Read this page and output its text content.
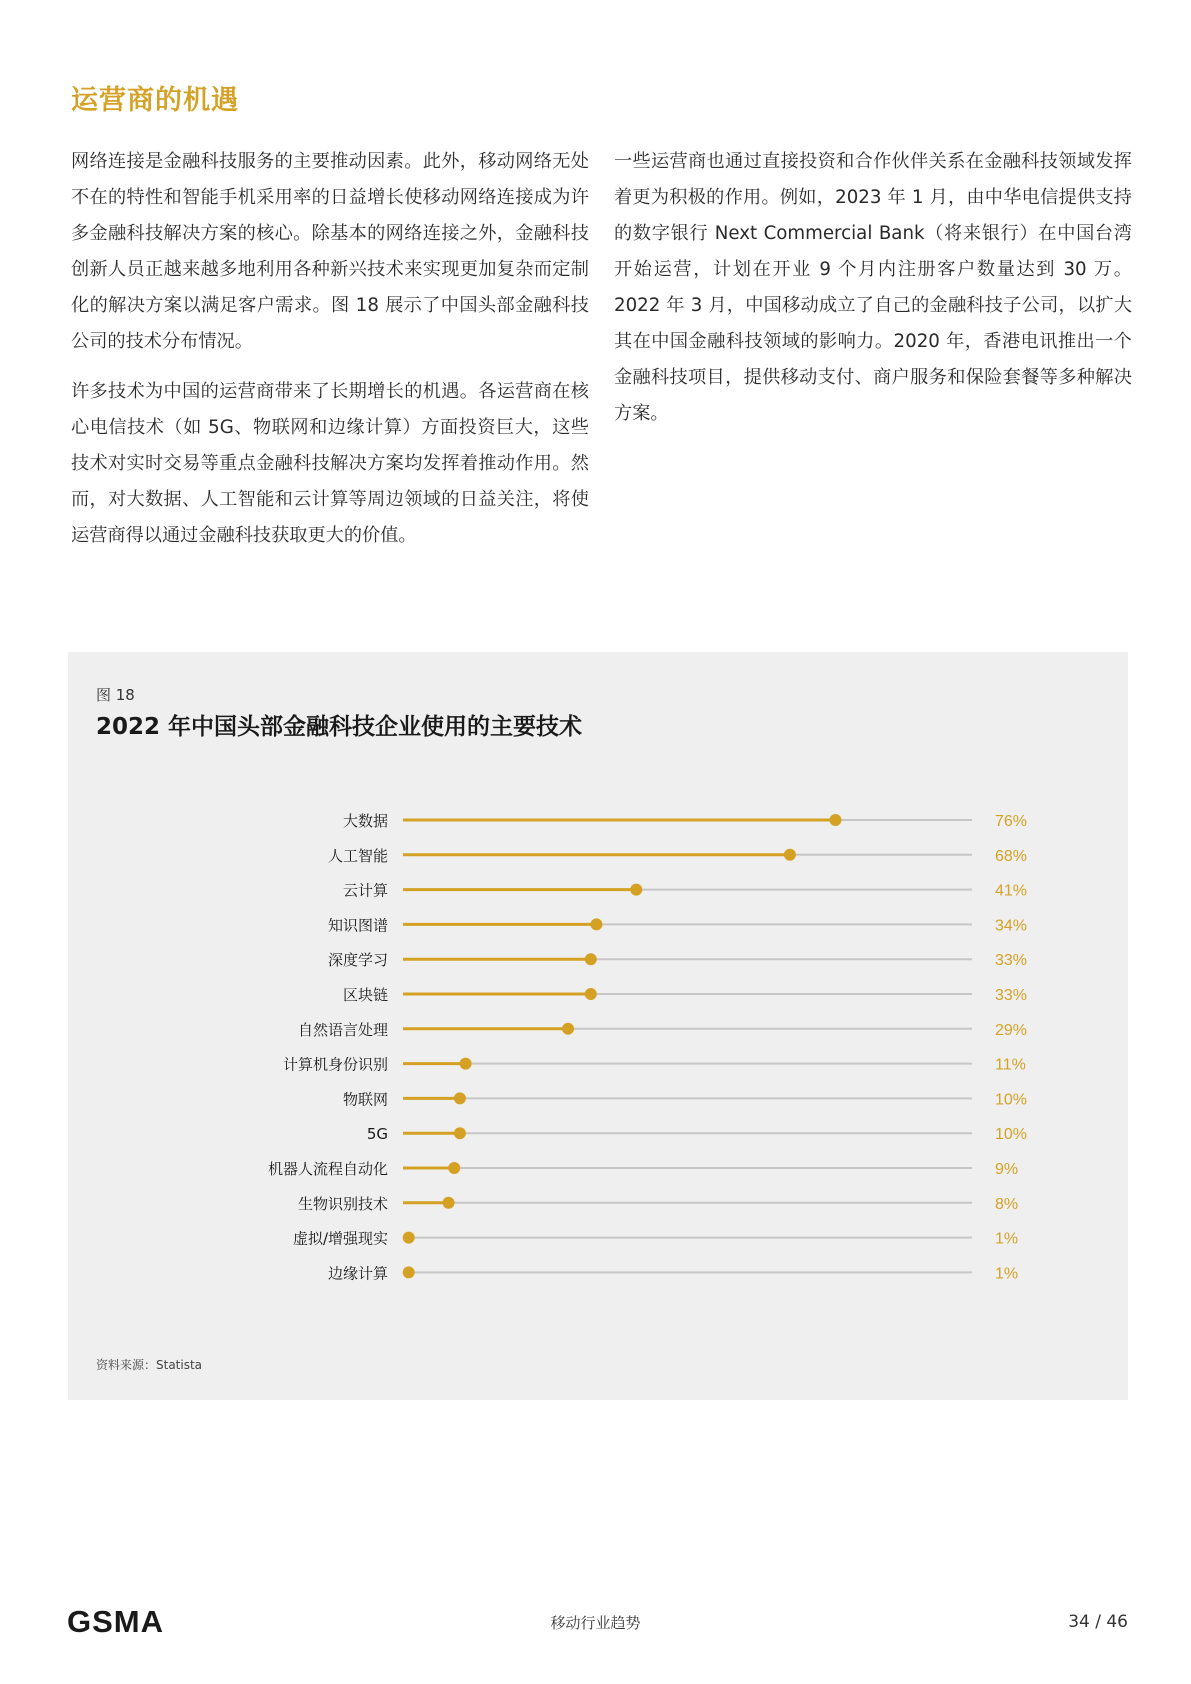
运营商的机遇

网络连接是金融科技服务的主要推动因素。此外，移动网络无处不在的特性和智能手机采用率的日益增长使移动网络连接成为许多金融科技解决方案的核心。除基本的网络连接之外，金融科技创新人员正越来越多地利用各种新兴技术来实现更加复杂而定制化的解决方案以满足客户需求。图 18 展示了中国头部金融科技公司的技术分布情况。

许多技术为中国的运营商带来了长期增长的机遇。各运营商在核心电信技术（如 5G、物联网和边缘计算）方面投资巨大，这些技术对实时交易等重点金融科技解决方案均发挥着推动作用。然而，对大数据、人工智能和云计算等周边领域的日益关注，将使运营商得以通过金融科技获取更大的价值。

一些运营商也通过直接投资和合作伙伴关系在金融科技领域发挥着更为积极的作用。例如，2023 年 1 月，由中华电信提供支持的数字银行 Next Commercial Bank（将来银行）在中国台湾开始运营，计划在开业 9 个月内注册客户数量达到 30 万。2022 年 3 月，中国移动成立了自己的金融科技子公司，以扩大其在中国金融科技领域的影响力。2020 年，香港电讯推出一个金融科技项目，提供移动支付、商户服务和保险套餐等多种解决方案。

图 18
2022 年中国头部金融科技企业使用的主要技术
大数据	76%
人工智能	68%
云计算	41%
知识图谱	34%
深度学习	33%
区块链	33%
自然语言处理	29%
计算机身份识别	11%
物联网	10%
5G	10%
机器人流程自动化	9%
生物识别技术	8%
虚拟/增强现实	1%
边缘计算	1%
资料来源：Statista
GSMA	移动行业趋势	34 / 46
